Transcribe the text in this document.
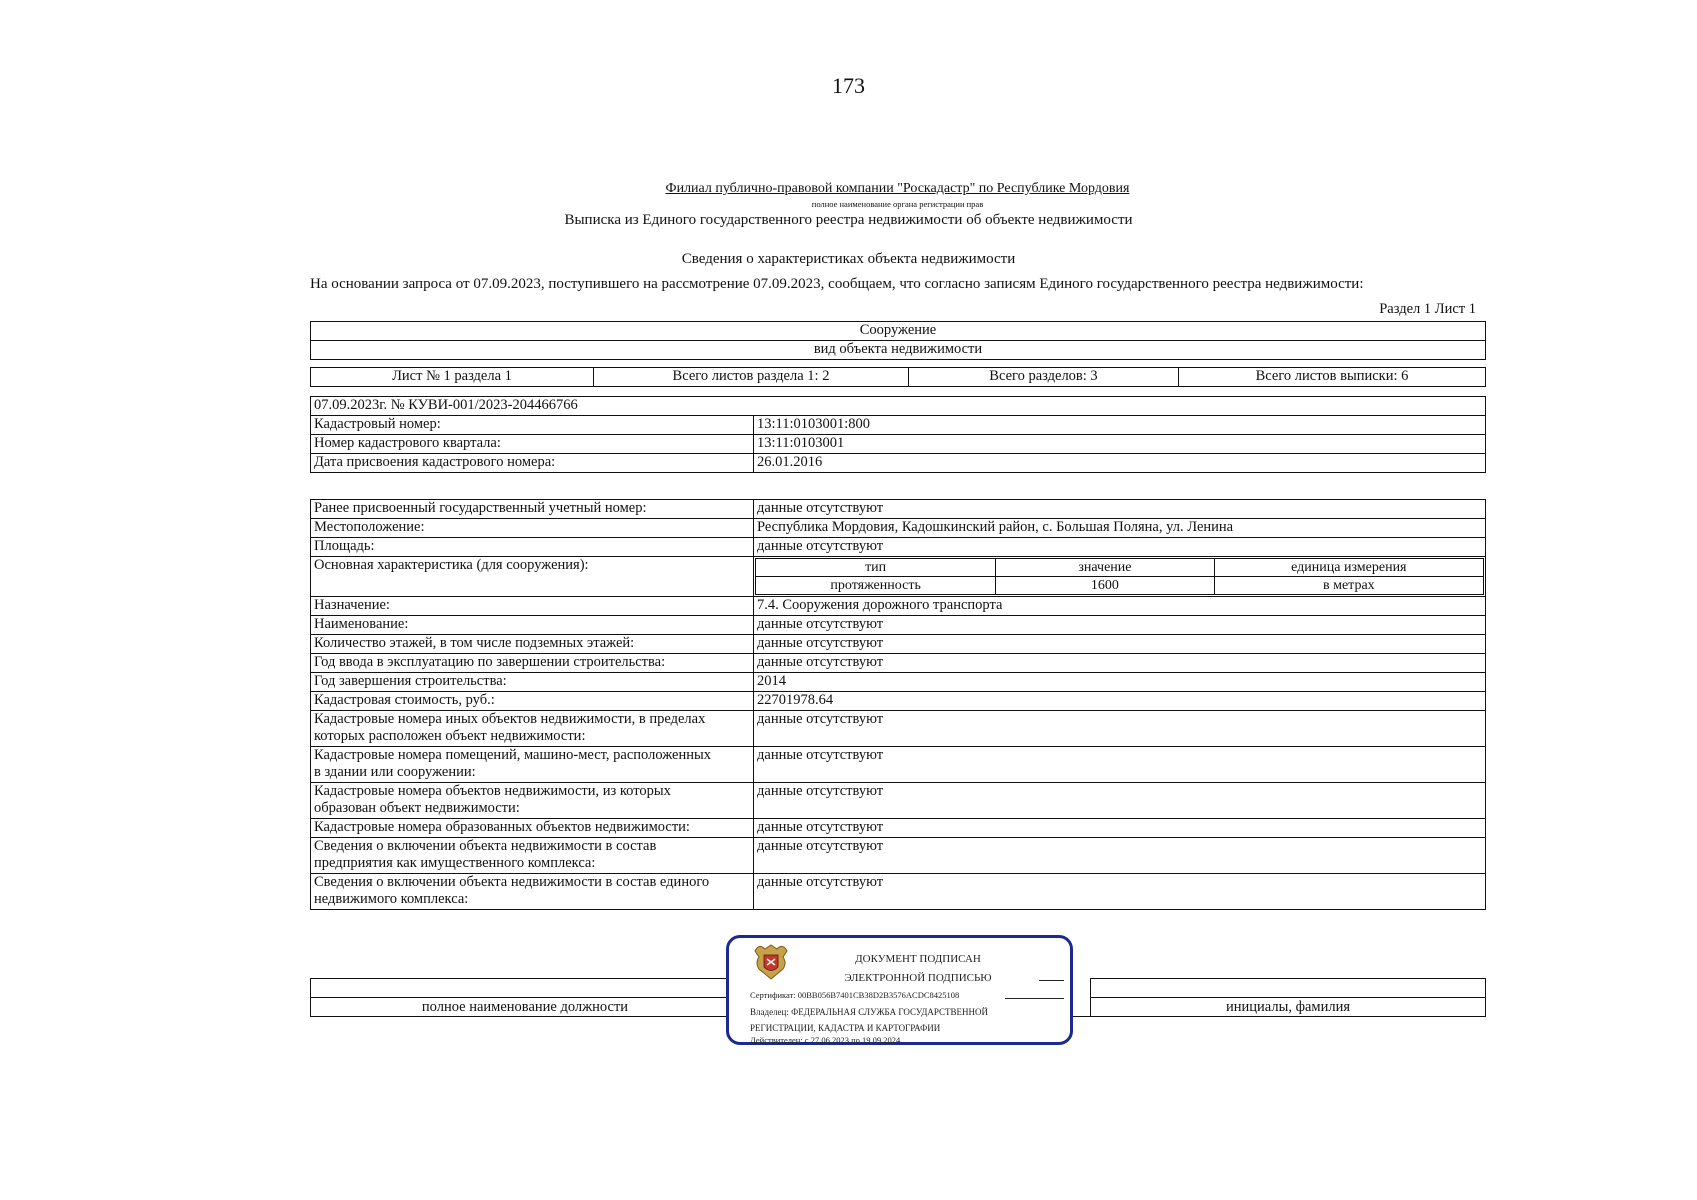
173
Филиал публично-правовой компании "Роскадастр" по Республике Мордовия
полное наименование органа регистрации прав
Выписка из Единого государственного реестра недвижимости об объекте недвижимости
Сведения о характеристиках объекта недвижимости
На основании запроса от 07.09.2023, поступившего на рассмотрение 07.09.2023, сообщаем, что согласно записям Единого государственного реестра недвижимости:
Раздел 1 Лист 1
Сооружение
вид объекта недвижимости
Лист № 1 раздела 1	Всего листов раздела 1: 2	Всего разделов: 3	Всего листов выписки: 6
07.09.2023г. № КУВИ-001/2023-204466766	
Кадастровый номер:	13:11:0103001:800
Номер кадастрового квартала:	13:11:0103001
Дата присвоения кадастрового номера:	26.01.2016
Ранее присвоенный государственный учетный номер:	данные отсутствуют
Местоположение:	Республика Мордовия, Кадошкинский район, с. Большая Поляна, ул. Ленина
Площадь:	данные отсутствуют
Основная характеристика (для сооружения):		тип	значение	единица измерения
протяженность	1600	в метрах

Назначение:	7.4. Сооружения дорожного транспорта
Наименование:	данные отсутствуют
Количество этажей, в том числе подземных этажей:	данные отсутствуют
Год ввода в эксплуатацию по завершении строительства:	данные отсутствуют
Год завершения строительства:	2014
Кадастровая стоимость, руб.:	22701978.64
Кадастровые номера иных объектов недвижимости, в пределах
которых расположен объект недвижимости:	данные отсутствуют
Кадастровые номера помещений, машино-мест, расположенных
в здании или сооружении:	данные отсутствуют
Кадастровые номера объектов недвижимости, из которых
образован объект недвижимости:	данные отсутствуют
Кадастровые номера образованных объектов недвижимости:	данные отсутствуют
Сведения о включении объекта недвижимости в состав
предприятия как имущественного комплекса:	данные отсутствуют
Сведения о включении объекта недвижимости в состав единого
недвижимого комплекса:	данные отсутствуют

полное наименование должности		инициалы, фамилия
ДОКУМЕНТ ПОДПИСАН
ЭЛЕКТРОННОЙ ПОДПИСЬЮ
Сертификат: 00BB056B7401CB38D2B3576ACDC8425108
Владелец: ФЕДЕРАЛЬНАЯ СЛУЖБА ГОСУДАРСТВЕННОЙ
РЕГИСТРАЦИИ, КАДАСТРА И КАРТОГРАФИИ
Действителен: с 27.06.2023 по 19.09.2024
